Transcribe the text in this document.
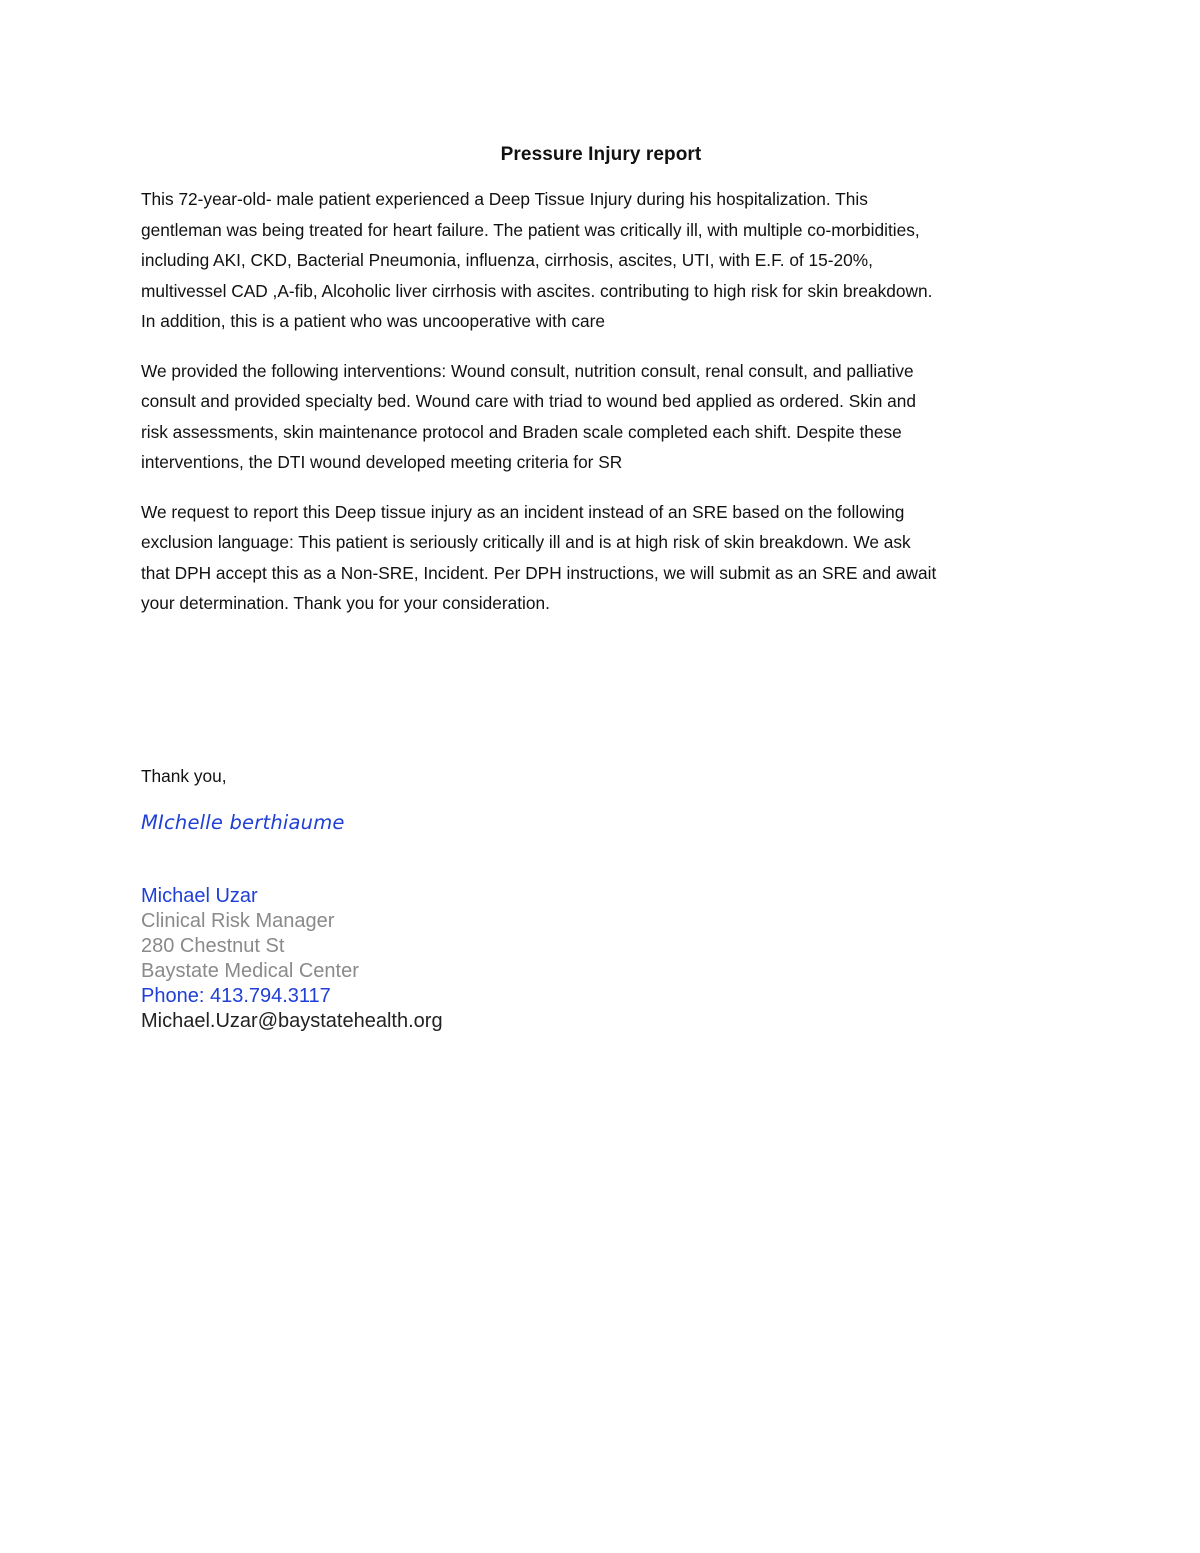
Pressure Injury report
This 72-year-old- male patient experienced a Deep Tissue Injury during his hospitalization. This
gentleman was being treated for heart failure. The patient was critically ill, with multiple co-morbidities,
including AKI, CKD, Bacterial Pneumonia, influenza, cirrhosis, ascites, UTI, with E.F. of 15-20%,
multivessel CAD ,A-fib, Alcoholic liver cirrhosis with ascites. contributing to high risk for skin breakdown.
In addition, this is a patient who was uncooperative with care
We provided the following interventions: Wound consult, nutrition consult, renal consult, and palliative
consult and provided specialty bed. Wound care with triad to wound bed applied as ordered. Skin and
risk assessments, skin maintenance protocol and Braden scale completed each shift. Despite these
interventions, the DTI wound developed meeting criteria for SR
We request to report this Deep tissue injury as an incident instead of an SRE based on the following
exclusion language: This patient is seriously critically ill and is at high risk of skin breakdown. We ask
that DPH accept this as a Non-SRE, Incident. Per DPH instructions, we will submit as an SRE and await
your determination. Thank you for your consideration.
Thank you,
MIchelle berthiaume
Michael Uzar
Clinical Risk Manager
280 Chestnut St
Baystate Medical Center
Phone: 413.794.3117
Michael.Uzar@baystatehealth.org
